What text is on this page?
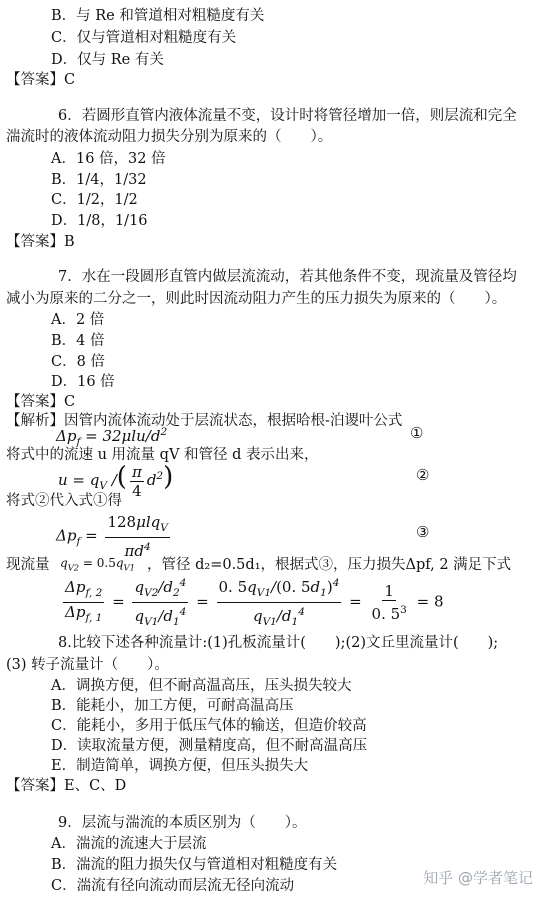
B．与 Re 和管道相对粗糙度有关
C．仅与管道相对粗糙度有关
D．仅与 Re 有关
【答案】C
6．若圆形直管内液体流量不变，设计时将管径增加一倍，则层流和完全
湍流时的液体流动阻力损失分别为原来的（　　）。
A．16 倍，32 倍
B．1/4，1/32
C．1/2，1/2
D．1/8，1/16
【答案】B
7．水在一段圆形直管内做层流流动，若其他条件不变，现流量及管径均
减小为原来的二分之一，则此时因流动阻力产生的压力损失为原来的（　　）。
A．2 倍
B．4 倍
C．8 倍
D．16 倍
【答案】C
【解析】因管内流体流动处于层流状态，根据哈根-泊谡叶公式
$\Delta p_f = 32\mu lu/d^2$	①
将式中的流速 u 用流量 qV 和管径 d 表示出来，
$u = q_V$ /( $\frac{\pi}{4} d^2$)	②
将式②代入式①得
$\Delta p_f = \frac{128\mu lq_V}{\pi d^4}$	③
现流量 $q_{V2} = 0.5q_{V1}$ ，管径 d₂=0.5d₁，根据式③，压力损失Δpf, 2 满足下式
$\frac{\Delta p_{f, 2}}{\Delta p_{f, 1}} = \frac{q_{V2}/d_2^4}{q_{V1}/d_1^4} = \frac{0. 5q_{V1}/(0. 5d_1)^4}{q_{V1}/d_1^4} = \frac{1}{0. 5^3} = 8$
8.比较下述各种流量计:(1)孔板流量计(　　);(2)文丘里流量计(　　);
(3) 转子流量计（　　）。
A．调换方便，但不耐高温高压，压头损失较大
B．能耗小，加工方便，可耐高温高压
C．能耗小，多用于低压气体的输送，但造价较高
D．读取流量方便，测量精度高，但不耐高温高压
E．制造简单，调换方便，但压头损失大
【答案】E、C、D
9．层流与湍流的本质区别为（　　）。
A．湍流的流速大于层流
B．湍流的阻力损失仅与管道相对粗糙度有关
C．湍流有径向流动而层流无径向流动	知乎 @学者笔记
